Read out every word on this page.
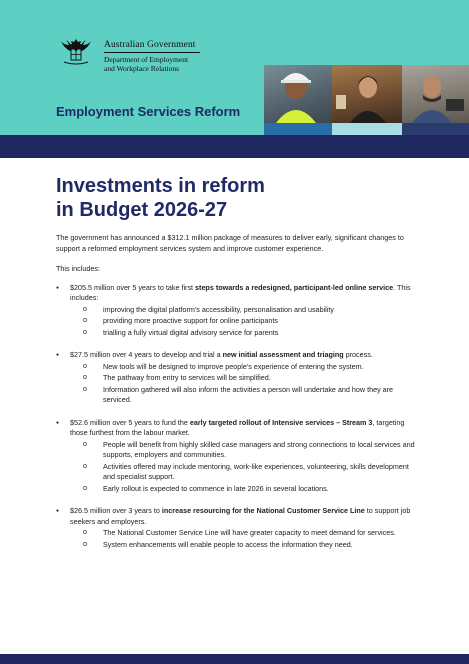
Australian Government
Department of Employment
and Workplace Relations
Employment Services Reform
Investments in reform
in Budget 2026-27

The government has announced a $312.1 million package of measures to deliver early, significant changes to support a reformed employment services system and improve customer experience.

This includes:

● $205.5 million over 5 years to take first steps towards a redesigned, participant-led online service. This includes:
o improving the digital platform's accessibility, personalisation and usability
o providing more proactive support for online participants
o trialling a fully virtual digital advisory service for parents
● $27.5 million over 4 years to develop and trial a new initial assessment and triaging process.
o New tools will be designed to improve people's experience of entering the system.
o The pathway from entry to services will be simplified.
o Information gathered will also inform the activities a person will undertake and how they are serviced.
● $52.6 million over 5 years to fund the early targeted rollout of Intensive services – Stream 3, targeting those furthest from the labour market.
o People will benefit from highly skilled case managers and strong connections to local services and supports, employers and communities.
o Activities offered may include mentoring, work-like experiences, volunteering, skills development and specialist support.
o Early rollout is expected to commence in late 2026 in several locations.
● $26.5 million over 3 years to increase resourcing for the National Customer Service Line to support job seekers and employers.
o The National Customer Service Line will have greater capacity to meet demand for services.
o System enhancements will enable people to access the information they need.
